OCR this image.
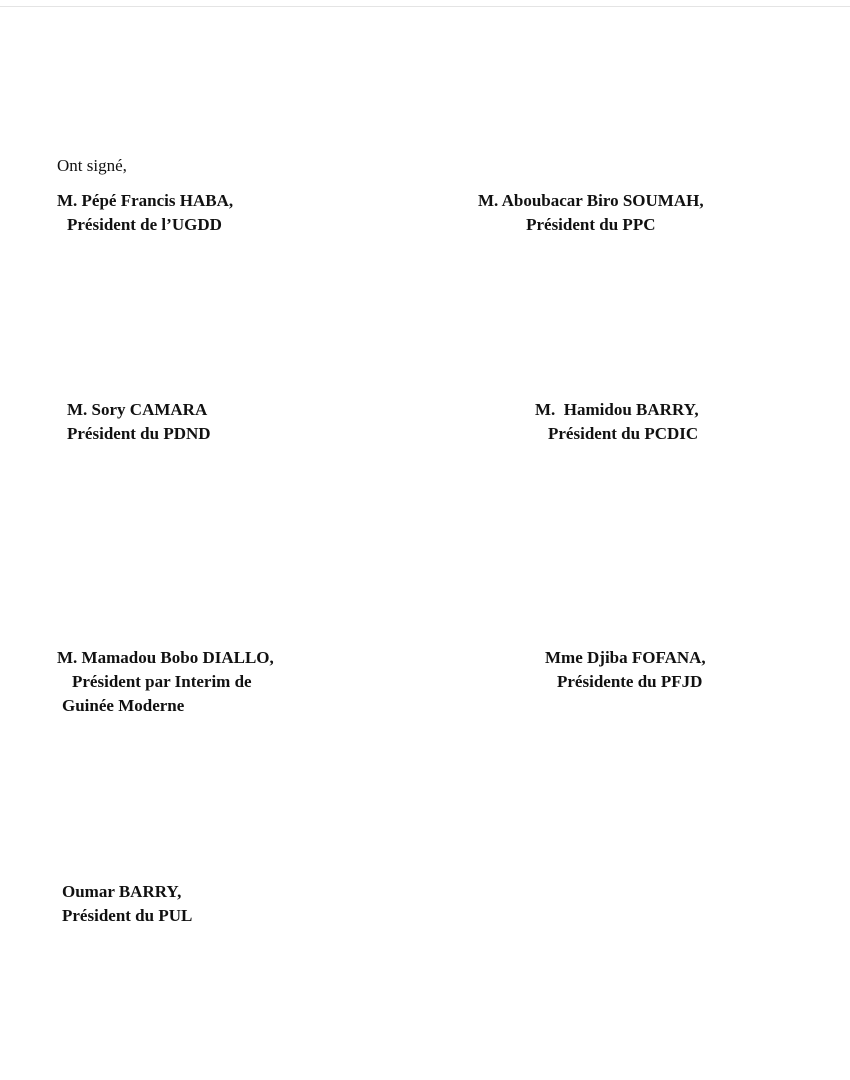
Ont signé,
M. Pépé Francis HABA,
Président de l’UGDD
M. Aboubacar Biro SOUMAH,
Président du PPC
M. Sory CAMARA
Président du PDND
M.  Hamidou BARRY,
Président du PCDIC
M. Mamadou Bobo DIALLO,
Président par Interim de
Guinée Moderne
Mme Djiba FOFANA,
Présidente du PFJD
Oumar BARRY,
Président du PUL
